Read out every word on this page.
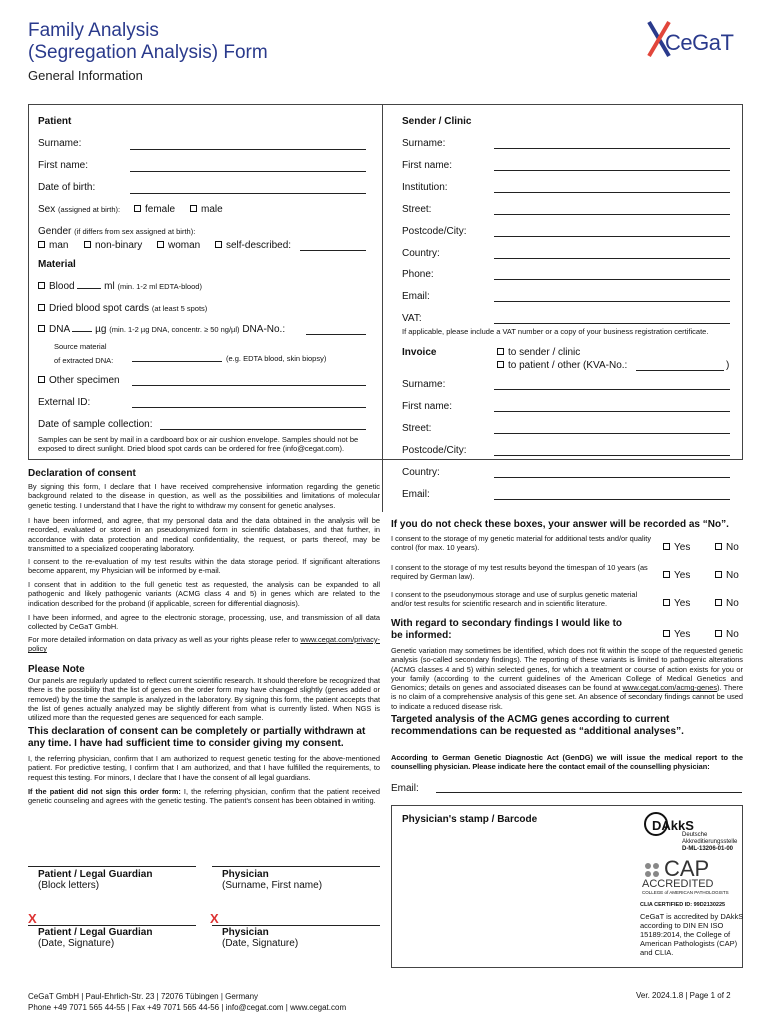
Family Analysis
(Segregation Analysis) Form
General Information
CeGaT
Patient
Surname:
First name:
Date of birth:
Sex (assigned at birth):	female	male
Gender (if differs from sex assigned at birth):
man	non-binary	woman	self-described:
Material
Blood	ml (min. 1-2 ml EDTA-blood)
Dried blood spot cards (at least 5 spots)
DNA	µg (min. 1-2 µg DNA, concentr. ≥ 50 ng/µl) DNA-No.:
Source material
of extracted DNA:	(e.g. EDTA blood, skin biopsy)
Other specimen
External ID:
Date of sample collection:
Samples can be sent by mail in a cardboard box or air cushion envelope. Samples should not be exposed to direct sunlight. Dried blood spot cards can be ordered for free (info@cegat.com).
Sender / Clinic
Surname:
First name:
Institution:
Street:
Postcode/City:
Country:
Phone:
Email:
VAT:
If applicable, please include a VAT number or a copy of your business registration certificate.
Invoice	to sender / clinic
to patient / other (KVA-No.:	)
Surname:
First name:
Street:
Postcode/City:
Country:
Email:
Declaration of consent
By signing this form, I declare that I have received comprehensive information regarding the genetic background related to the disease in question, as well as the possibilities and limitations of molecular genetic testing. I understand that I have the right to withdraw my consent for genetic analyses.
I have been informed, and agree, that my personal data and the data obtained in the analysis will be recorded, evaluated or stored in an pseudonymized form in scientific databases, and that further, in accordance with data protection and medical confidentiality, the request, or parts thereof, may be transmitted to a specialized cooperating laboratory.
I consent to the re-evaluation of my test results within the data storage period. If significant alterations become apparent, my Physician will be informed by e-mail.
I consent that in addition to the full genetic test as requested, the analysis can be expanded to all pathogenic and likely pathogenic variants (ACMG class 4 and 5) in genes which are related to the indication described for the proband (if applicable, screen for differential diagnosis).
I have been informed, and agree to the electronic storage, processing, use, and transmission of all data collected by CeGaT GmbH.
For more detailed information on data privacy as well as your rights please refer to www.cegat.com/privacy-policy
Please Note
Our panels are regularly updated to reflect current scientific research. It should therefore be recognized that there is the possibility that the list of genes on the order form may have changed slightly (genes added or removed) by the time the sample is analyzed in the laboratory. By signing this form, the patient accepts that the list of genes actually analyzed may be slightly different from what is currently listed. When NGS is utilized more than the requested genes are sequenced for each sample.
This declaration of consent can be completely or partially withdrawn at any time. I have had sufficient time to consider giving my consent.
I, the referring physician, confirm that I am authorized to request genetic testing for the above-mentioned patient. For predictive testing, I confirm that I am authorized, and that I have fulfilled the requirements, to request this testing. For minors, I declare that I have the consent of all legal guardians.
If the patient did not sign this order form: I, the referring physician, confirm that the patient received genetic counseling and agrees with the genetic testing. The patient's consent has been obtained in writing.
If you do not check these boxes, your answer will be recorded as “No”.
I consent to the storage of my genetic material for additional tests and/or quality control (for max. 10 years).	Yes	No
I consent to the storage of my test results beyond the timespan of 10 years (as required by German law).	Yes	No
I consent to the pseudonymous storage and use of surplus genetic material and/or test results for scientific research and in scientific literature.	Yes	No
With regard to secondary findings I would like to be informed:	Yes	No
Genetic variation may sometimes be identified, which does not fit within the scope of the requested genetic analysis (so-called secondary findings). The reporting of these variants is limited to pathogenic alterations (ACMG classes 4 and 5) within selected genes, for which a treatment or course of action exists for you or your family (according to the current guidelines of the American College of Medical Genetics and Genomics; details on genes and associated diseases can be found at www.cegat.com/acmg-genes). There is no claim of a comprehensive analysis of this gene set. An absence of secondary findings cannot be used to indicate a reduced disease risk.
Targeted analysis of the ACMG genes according to current recommendations can be requested as “additional analyses”.
According to German Genetic Diagnostic Act (GenDG) we will issue the medical report to the counselling physician. Please indicate here the contact email of the counselling physician:
Email:
Physician's stamp / Barcode	DAkkS
Deutsche
Akkreditierungsstelle
D-ML-13206-01-00
CAP
ACCREDITED
COLLEGE of AMERICAN PATHOLOGISTS
CLIA CERTIFIED ID: 99D2130225
CeGaT is accredited by DAkkS according to DIN EN ISO 15189:2014, the College of American Pathologists (CAP) and CLIA.
Patient / Legal Guardian
(Block letters)
Physician
(Surname, First name)
X
Patient / Legal Guardian
(Date, Signature)
X
Physician
(Date, Signature)
CeGaT GmbH | Paul-Ehrlich-Str. 23 | 72076 Tübingen | Germany
Phone +49 7071 565 44-55 | Fax +49 7071 565 44-56 | info@cegat.com | www.cegat.com
Ver. 2024.1.8 | Page 1 of 2
